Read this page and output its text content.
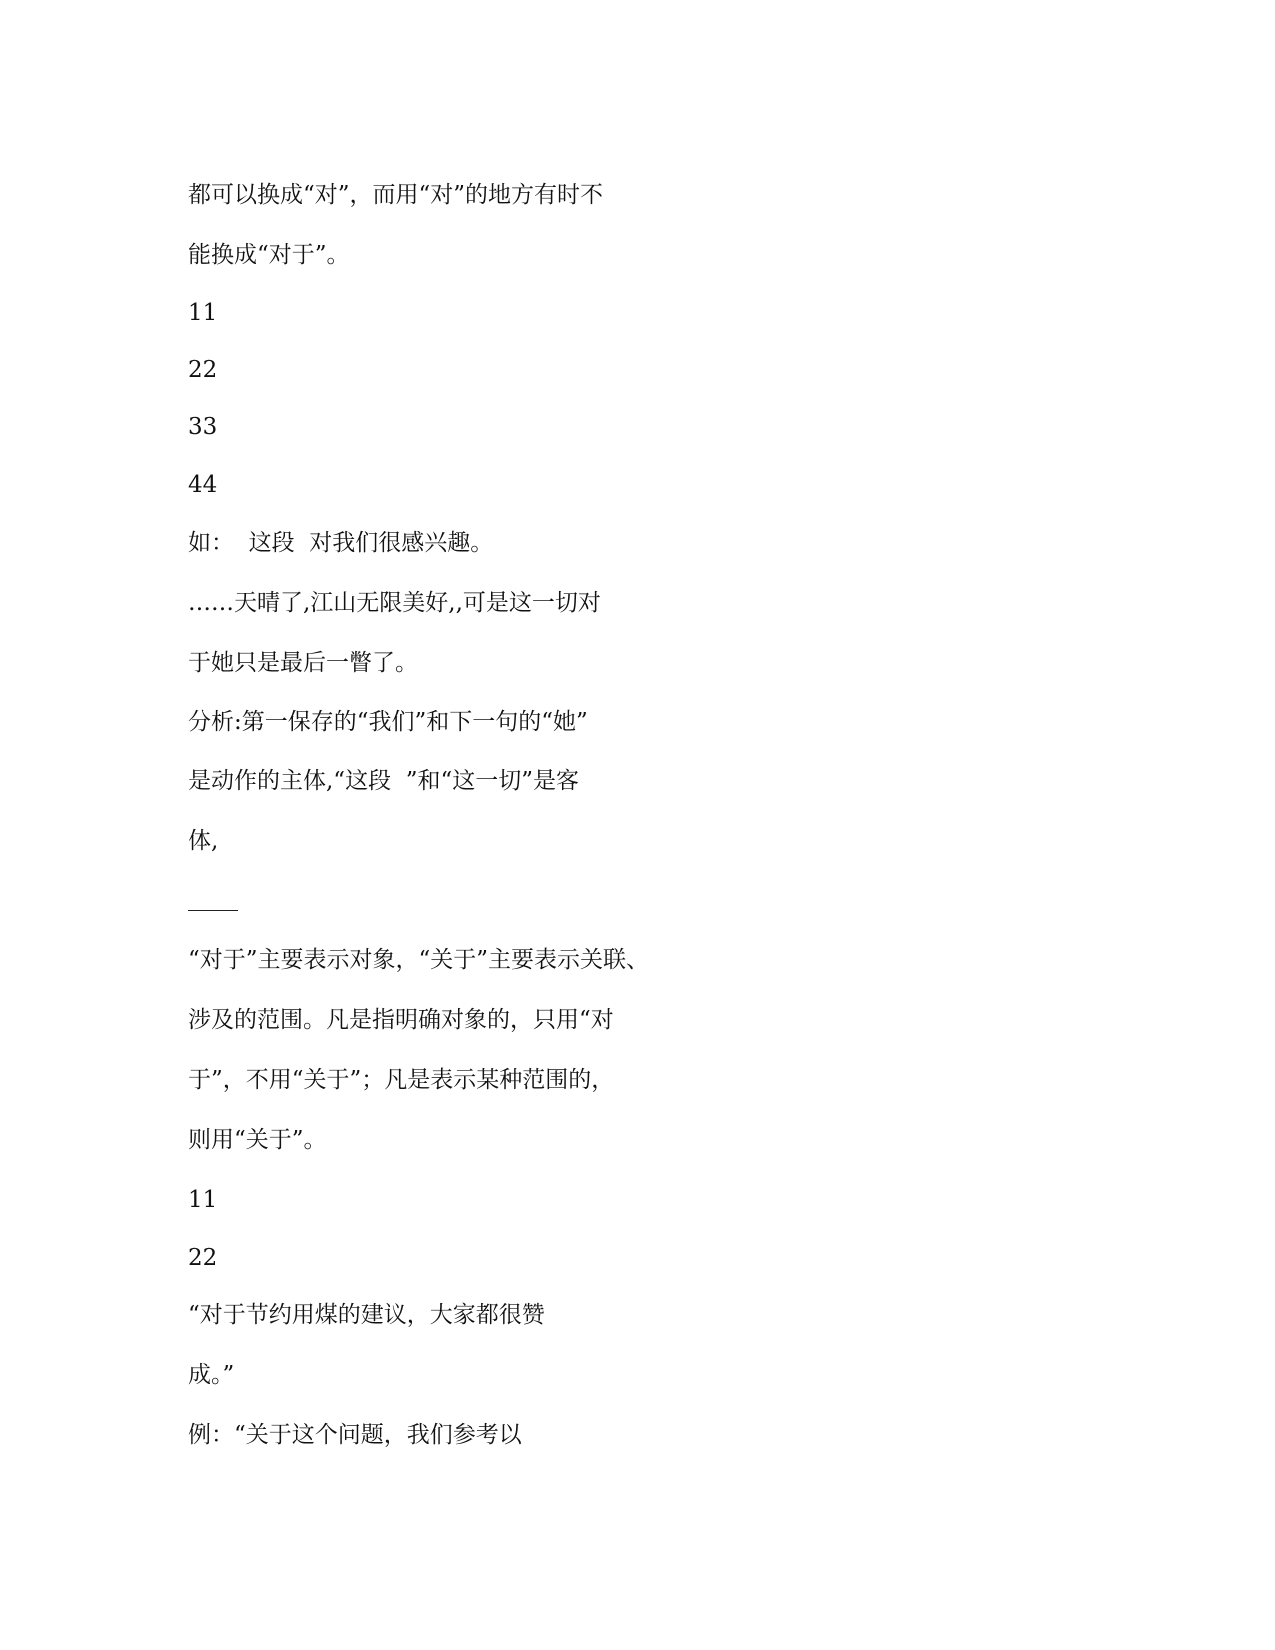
都可以换成“对”，而用“对”的地方有时不

能换成“对于”。

11

22

33

44

如：  这段  对我们很感兴趣。

……天晴了,江山无限美好,,可是这一切对

于她只是最后一瞥了。

分析:第一保存的“我们”和下一句的“她”

是动作的主体,“这段  ”和“这一切”是客

体,

“对于”主要表示对象，“关于”主要表示关联、

涉及的范围。凡是指明确对象的，只用“对

于”，不用“关于”；凡是表示某种范围的，

则用“关于”。

11

22

“对于节约用煤的建议，大家都很赞

成。”

例：“关于这个问题，我们参考以
